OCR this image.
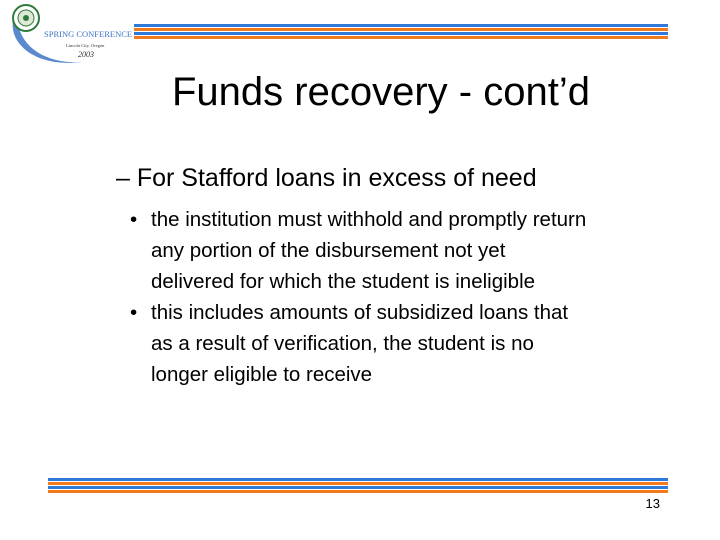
SPRING CONFERENCE
Lincoln City, Oregon
2003
Funds recovery - cont’d
– For Stafford loans in excess of need
• the institution must withhold and promptly return
any portion of the disbursement not yet
delivered for which the student is ineligible
• this includes amounts of subsidized loans that
as a result of verification, the student is no
longer eligible to receive
13
